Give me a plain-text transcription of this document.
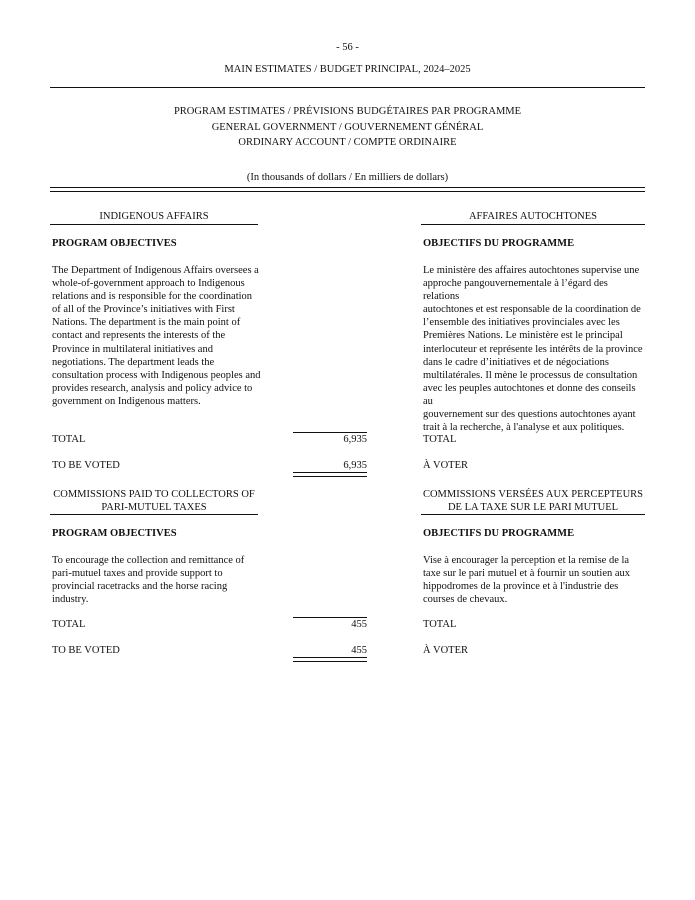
- 56 -
MAIN ESTIMATES / BUDGET PRINCIPAL, 2024–2025
PROGRAM ESTIMATES / PRÉVISIONS BUDGÉTAIRES PAR PROGRAMME
GENERAL GOVERNMENT / GOUVERNEMENT GÉNÉRAL
ORDINARY ACCOUNT / COMPTE ORDINAIRE
(In thousands of dollars / En milliers de dollars)
INDIGENOUS AFFAIRS	AFFAIRES AUTOCHTONES
PROGRAM OBJECTIVES	OBJECTIFS DU PROGRAMME
The Department of Indigenous Affairs oversees a
whole-of-government approach to Indigenous
relations and is responsible for the coordination
of all of the Province’s initiatives with First
Nations. The department is the main point of
contact and represents the interests of the
Province in multilateral initiatives and
negotiations. The department leads the
consultation process with Indigenous peoples and
provides research, analysis and policy advice to
government on Indigenous matters.
Le ministère des affaires autochtones supervise une
approche pangouvernementale à l’égard des relations
autochtones et est responsable de la coordination de
l’ensemble des initiatives provinciales avec les
Premières Nations. Le ministère est le principal
interlocuteur et représente les intérêts de la province
dans le cadre d’initiatives et de négociations
multilatérales. Il mène le processus de consultation
avec les peuples autochtones et donne des conseils au
gouvernement sur des questions autochtones ayant
trait à la recherche, à l'analyse et aux politiques.
TOTAL	6,935	TOTAL
TO BE VOTED	6,935	À VOTER
COMMISSIONS PAID TO COLLECTORS OF
PARI-MUTUEL TAXES
COMMISSIONS VERSÉES AUX PERCEPTEURS
DE LA TAXE SUR LE PARI MUTUEL
PROGRAM OBJECTIVES	OBJECTIFS DU PROGRAMME
To encourage the collection and remittance of
pari-mutuel taxes and provide support to
provincial racetracks and the horse racing
industry.
Vise à encourager la perception et la remise de la
taxe sur le pari mutuel et à fournir un soutien aux
hippodromes de la province et à l'industrie des
courses de chevaux.
TOTAL	455	TOTAL
TO BE VOTED	455	À VOTER
